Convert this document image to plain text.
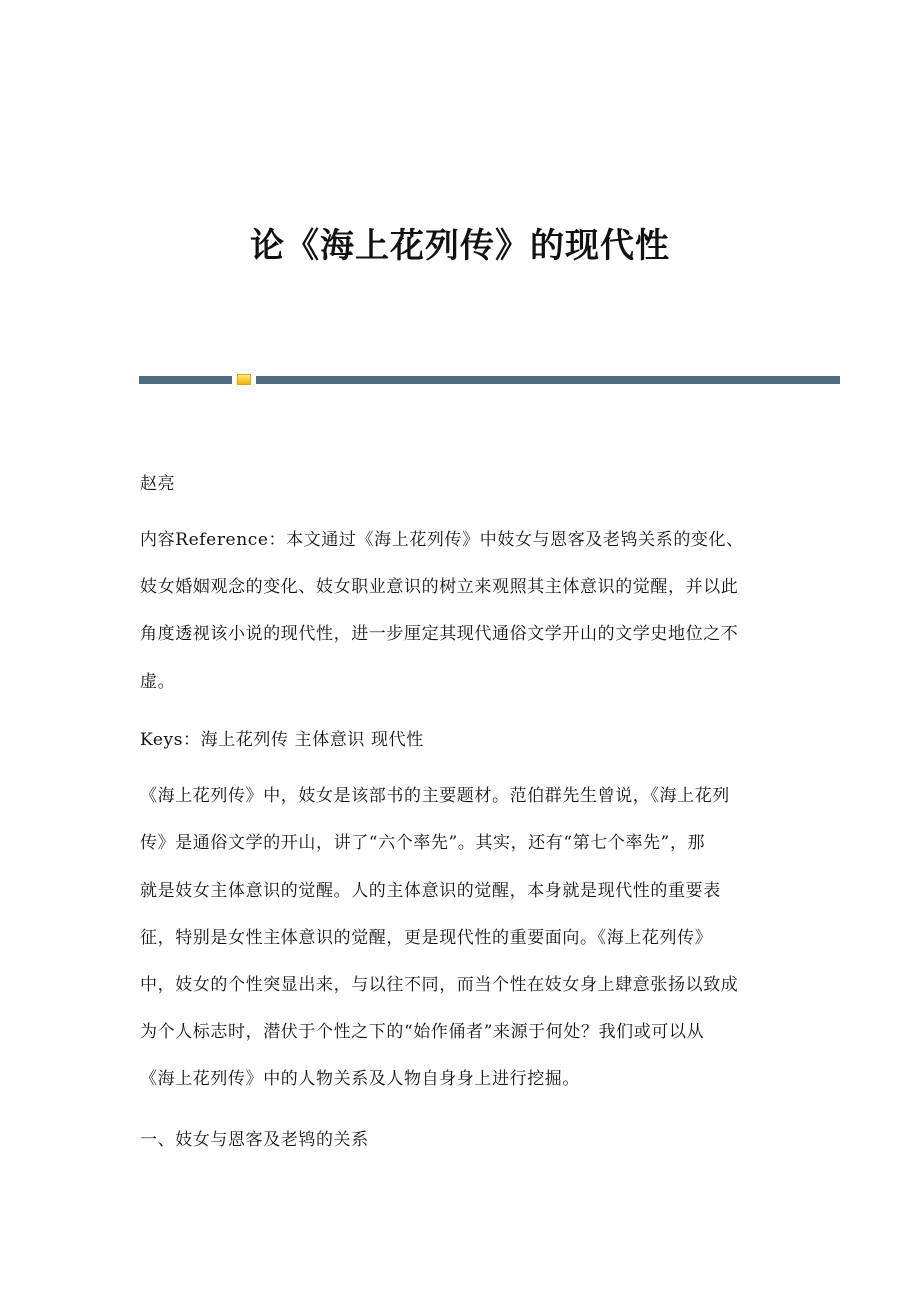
论《海上花列传》的现代性
赵亮
内容Reference：本文通过《海上花列传》中妓女与恩客及老鸨关系的变化、
妓女婚姻观念的变化、妓女职业意识的树立来观照其主体意识的觉醒，并以此
角度透视该小说的现代性，进一步厘定其现代通俗文学开山的文学史地位之不
虚。
Keys：海上花列传 主体意识 现代性
《海上花列传》中，妓女是该部书的主要题材。范伯群先生曾说，《海上花列
传》是通俗文学的开山，讲了“六个率先”。其实，还有“第七个率先”，那
就是妓女主体意识的觉醒。人的主体意识的觉醒，本身就是现代性的重要表
征，特别是女性主体意识的觉醒，更是现代性的重要面向。《海上花列传》
中，妓女的个性突显出来，与以往不同，而当个性在妓女身上肆意张扬以致成
为个人标志时，潜伏于个性之下的“始作俑者”来源于何处？我们或可以从
《海上花列传》中的人物关系及人物自身身上进行挖掘。
一、妓女与恩客及老鸨的关系
